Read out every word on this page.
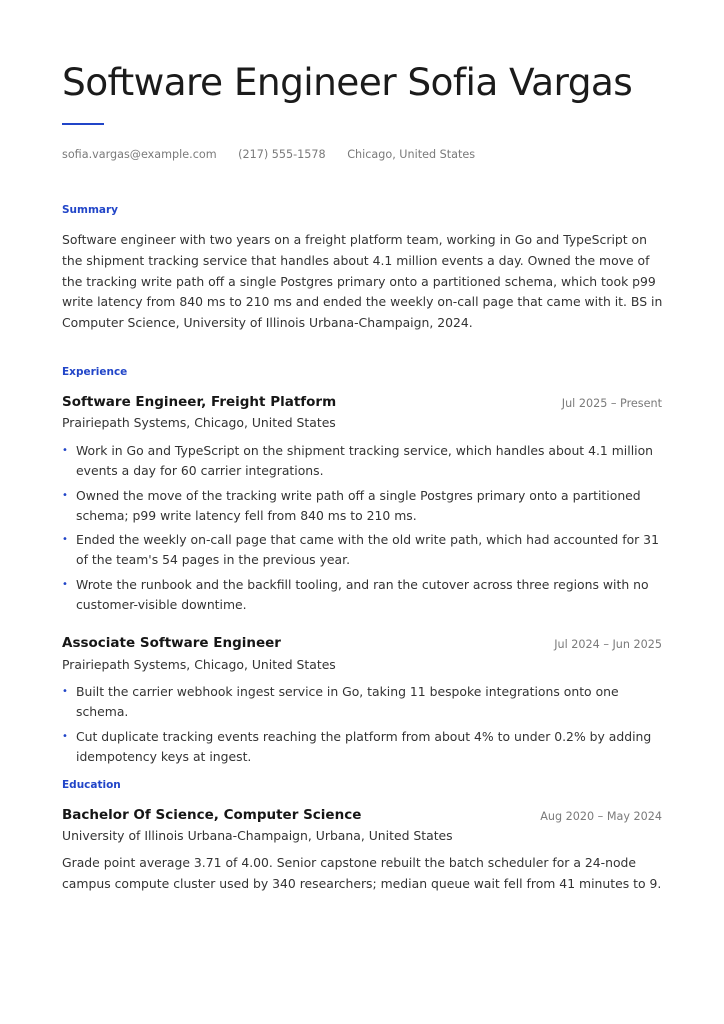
Software Engineer Sofia Vargas
sofia.vargas@example.com (217) 555-1578 Chicago, United States
Summary

Software engineer with two years on a freight platform team, working in Go and TypeScript on the shipment tracking service that handles about 4.1 million events a day. Owned the move of the tracking write path off a single Postgres primary onto a partitioned schema, which took p99 write latency from 840 ms to 210 ms and ended the weekly on-call page that came with it. BS in Computer Science, University of Illinois Urbana-Champaign, 2024.

Experience
Software Engineer, Freight Platform	Jul 2025 – Present
Prairiepath Systems, Chicago, United States
• Work in Go and TypeScript on the shipment tracking service, which handles about 4.1 million events a day for 60 carrier integrations.
• Owned the move of the tracking write path off a single Postgres primary onto a partitioned schema; p99 write latency fell from 840 ms to 210 ms.
• Ended the weekly on-call page that came with the old write path, which had accounted for 31 of the team's 54 pages in the previous year.
• Wrote the runbook and the backfill tooling, and ran the cutover across three regions with no customer-visible downtime.
Associate Software Engineer	Jul 2024 – Jun 2025
Prairiepath Systems, Chicago, United States
• Built the carrier webhook ingest service in Go, taking 11 bespoke integrations onto one schema.
• Cut duplicate tracking events reaching the platform from about 4% to under 0.2% by adding idempotency keys at ingest.
Education
Bachelor Of Science, Computer Science	Aug 2020 – May 2024
University of Illinois Urbana-Champaign, Urbana, United States

Grade point average 3.71 of 4.00. Senior capstone rebuilt the batch scheduler for a 24-node campus compute cluster used by 340 researchers; median queue wait fell from 41 minutes to 9.
